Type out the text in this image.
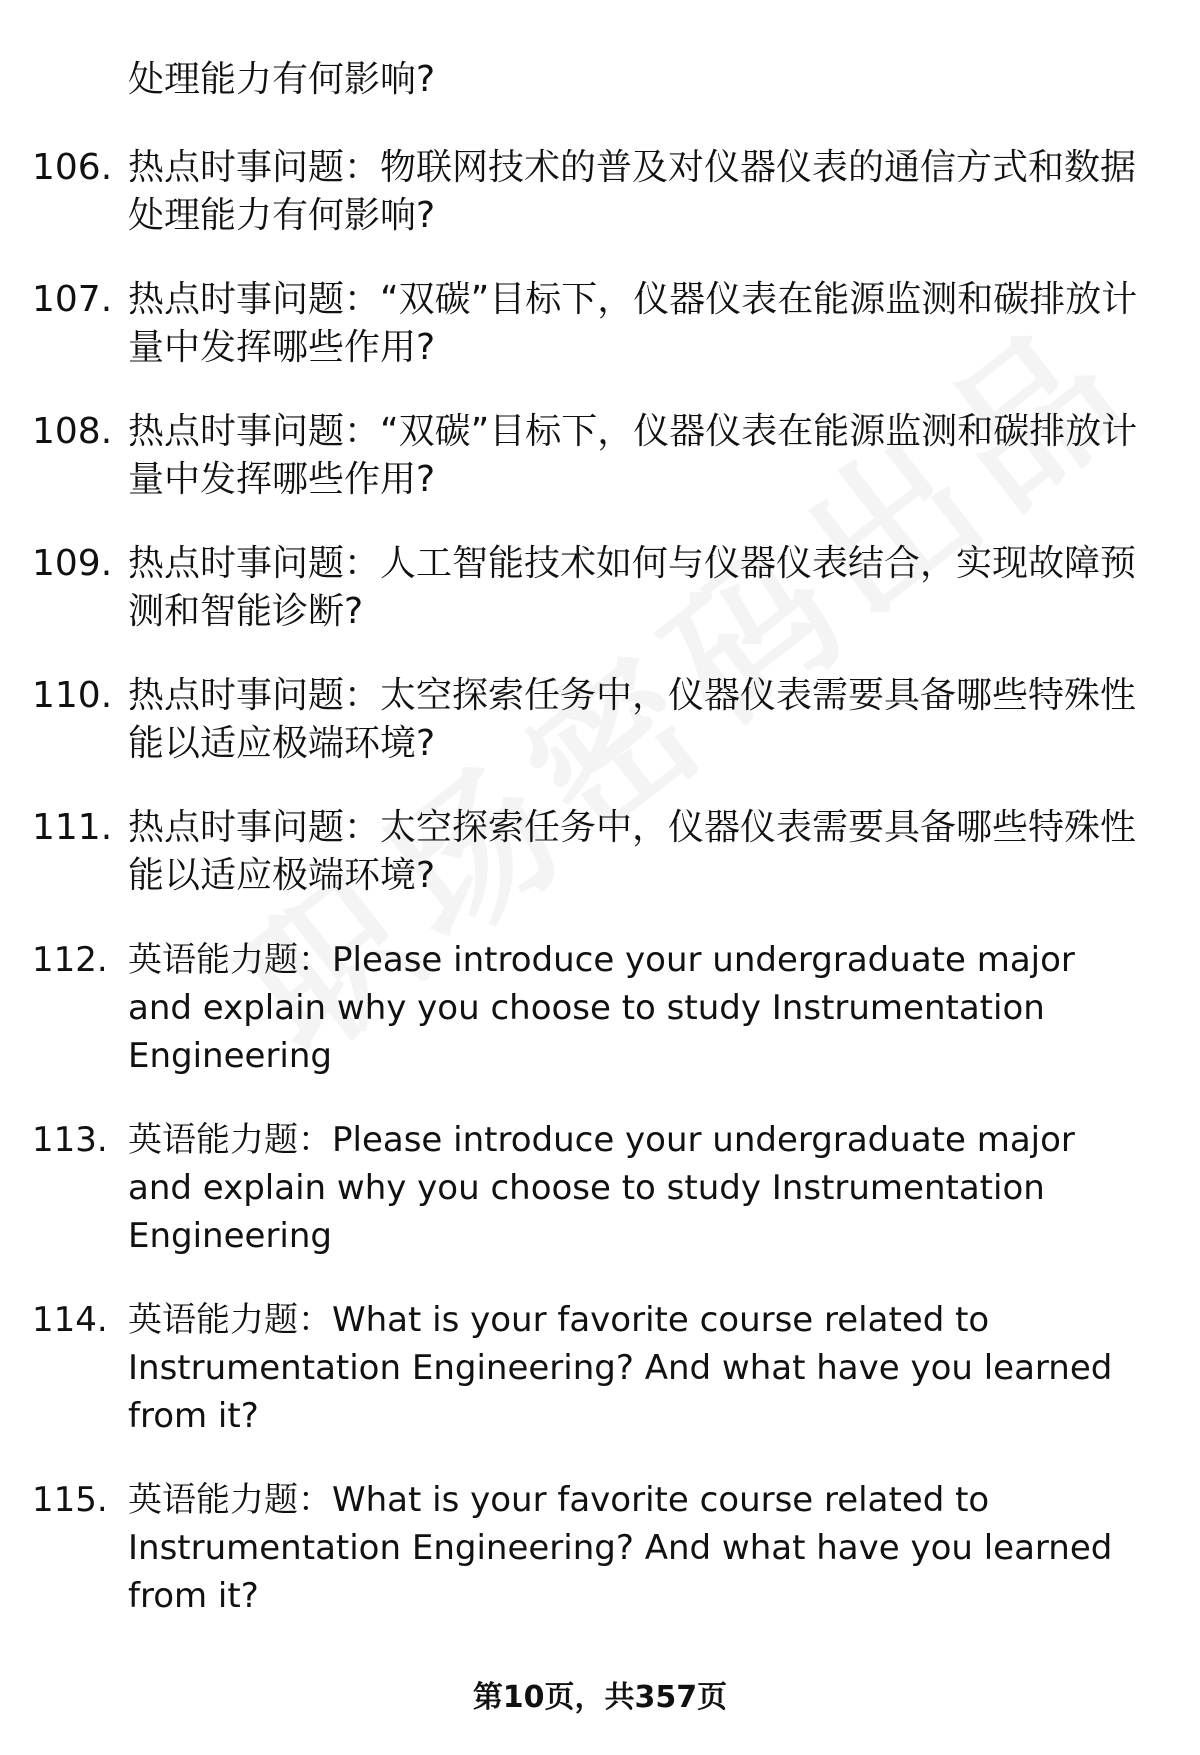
处理能力有何影响?
106. 热点时事问题：物联网技术的普及对仪器仪表的通信方式和数据处理能力有何影响?
107. 热点时事问题：“双碳”目标下，仪器仪表在能源监测和碳排放计量中发挥哪些作用?
108. 热点时事问题：“双碳”目标下，仪器仪表在能源监测和碳排放计量中发挥哪些作用?
109. 热点时事问题：人工智能技术如何与仪器仪表结合，实现故障预测和智能诊断?
110. 热点时事问题：太空探索任务中，仪器仪表需要具备哪些特殊性能以适应极端环境?
111. 热点时事问题：太空探索任务中，仪器仪表需要具备哪些特殊性能以适应极端环境?
112. 英语能力题：Please introduce your undergraduate major and explain why you choose to study Instrumentation Engineering
113. 英语能力题：Please introduce your undergraduate major and explain why you choose to study Instrumentation Engineering
114. 英语能力题：What is your favorite course related to Instrumentation Engineering? And what have you learned from it?
115. 英语能力题：What is your favorite course related to Instrumentation Engineering? And what have you learned from it?
第10页，共357页
